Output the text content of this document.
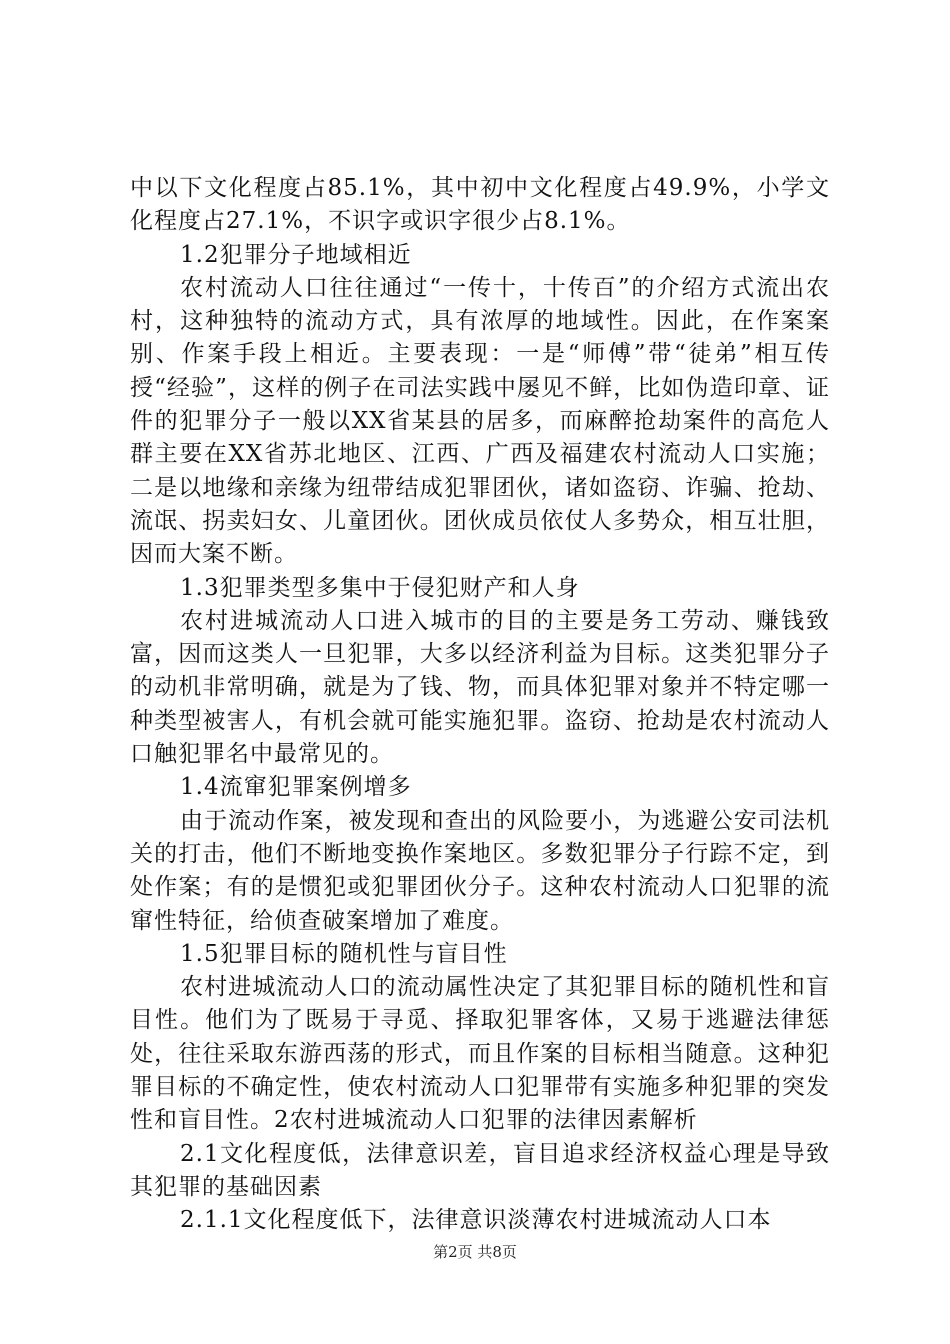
中以下文化程度占85.1%，其中初中文化程度占49.9%，小学文化程度占27.1%，不识字或识字很少占8.1%。

1.2犯罪分子地域相近

农村流动人口往往通过“一传十，十传百”的介绍方式流出农村，这种独特的流动方式，具有浓厚的地域性。因此，在作案案别、作案手段上相近。主要表现：一是“师傅”带“徒弟”相互传授“经验”，这样的例子在司法实践中屡见不鲜，比如伪造印章、证件的犯罪分子一般以XX省某县的居多，而麻醉抢劫案件的高危人群主要在XX省苏北地区、江西、广西及福建农村流动人口实施；二是以地缘和亲缘为纽带结成犯罪团伙，诸如盗窃、诈骗、抢劫、流氓、拐卖妇女、儿童团伙。团伙成员依仗人多势众，相互壮胆，因而大案不断。

1.3犯罪类型多集中于侵犯财产和人身

农村进城流动人口进入城市的目的主要是务工劳动、赚钱致富，因而这类人一旦犯罪，大多以经济利益为目标。这类犯罪分子的动机非常明确，就是为了钱、物，而具体犯罪对象并不特定哪一种类型被害人，有机会就可能实施犯罪。盗窃、抢劫是农村流动人口触犯罪名中最常见的。

1.4流窜犯罪案例增多

由于流动作案，被发现和查出的风险要小，为逃避公安司法机关的打击，他们不断地变换作案地区。多数犯罪分子行踪不定，到处作案；有的是惯犯或犯罪团伙分子。这种农村流动人口犯罪的流窜性特征，给侦查破案增加了难度。

1.5犯罪目标的随机性与盲目性

农村进城流动人口的流动属性决定了其犯罪目标的随机性和盲目性。他们为了既易于寻觅、择取犯罪客体，又易于逃避法律惩处，往往采取东游西荡的形式，而且作案的目标相当随意。这种犯罪目标的不确定性，使农村流动人口犯罪带有实施多种犯罪的突发性和盲目性。2农村进城流动人口犯罪的法律因素解析

2.1文化程度低，法律意识差，盲目追求经济权益心理是导致其犯罪的基础因素

2.1.1文化程度低下，法律意识淡薄农村进城流动人口本

第2页 共8页
